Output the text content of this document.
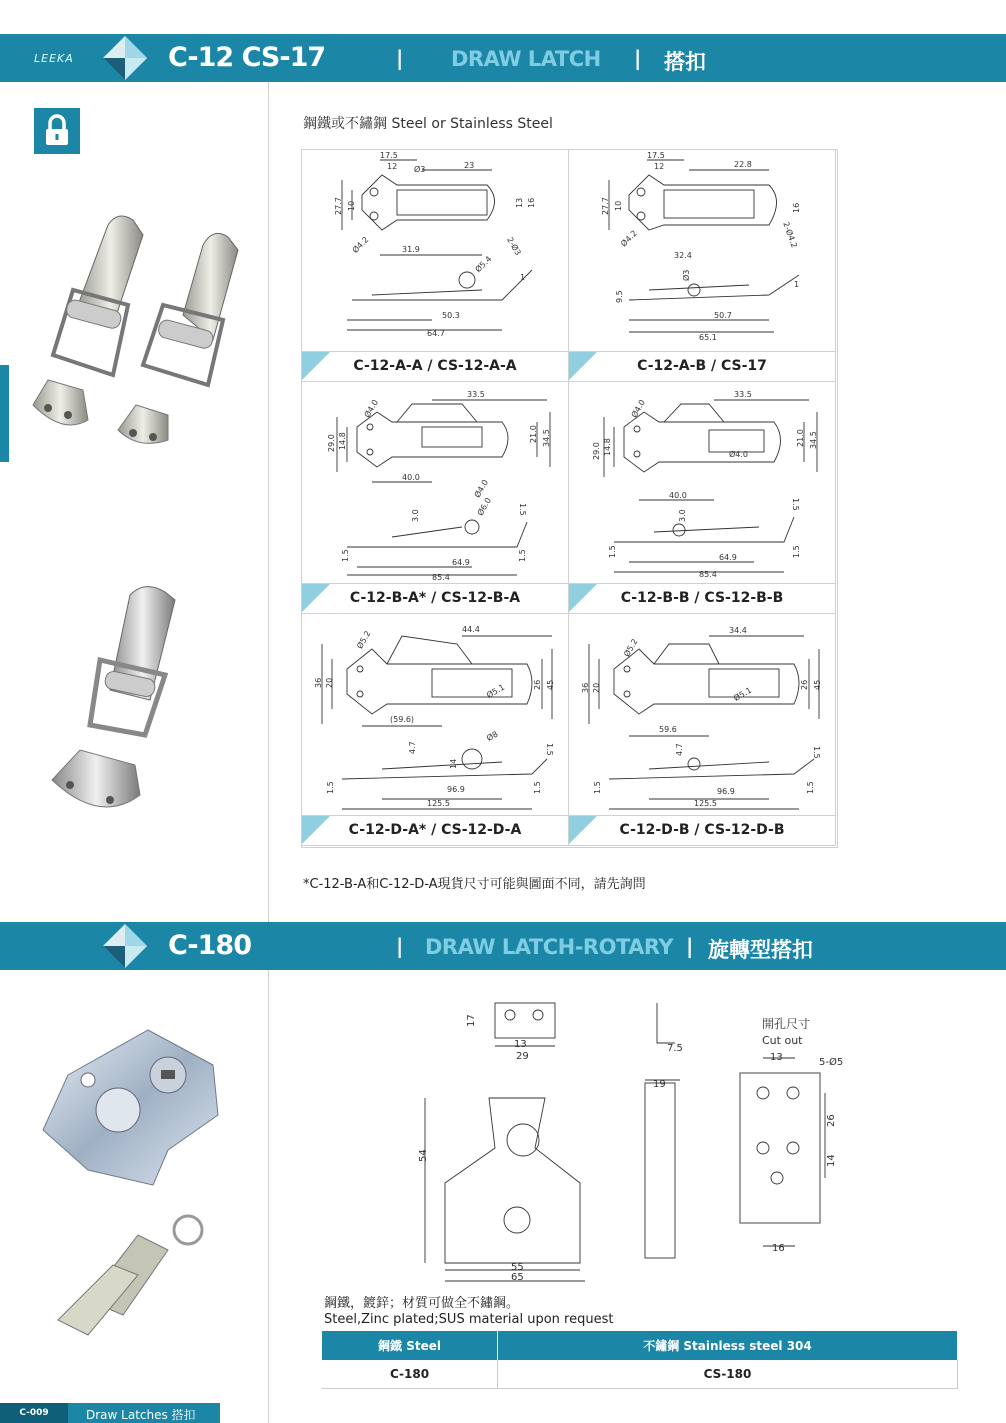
LEEKA	C-12 CS-17	| DRAW LATCH | 搭扣
鋼鐵或不鏽鋼 Steel or Stainless Steel
17.5
12 Ø3	23
27.7 10	13 16
Ø4.2	31.9	2-Ø3
Ø5.4
1
50.3
64.7
C-12-A-A / CS-12-A-A
17.5
12	22.8
27.7 10	16
Ø4.2
32.4
2-Ø4.2
Ø3
9.5
1
50.7
65.1
C-12-A-B / CS-17
Ø4.0
33.5
29.0 14.8	21.0 34.5
40.0
Ø4.0
Ø6.0
3.0	1.5
64.9
85.4
1.5	1.5
C-12-B-A* / CS-12-B-A
Ø4.0
33.5
29.0 14.8	Ø4.0
21.0 34.5
40.0
3.0
1.5
64.9
85.4
1.5	1.5
C-12-B-B / CS-12-B-B
Ø5.2	44.4
36 20	Ø5.1	26 45
(59.6)
Ø8
4.7
14
1.5
96.9
125.5
1.5	1.5
C-12-D-A* / CS-12-D-A
Ø5.2
34.4
36 20	Ø5.1
26 45
59.6
4.7	1.5
96.9
125.5
1.5	1.5
C-12-D-B / CS-12-D-B
*C-12-B-A和C-12-D-A現貨尺寸可能與圖面不同，請先詢問
C-180	| DRAW LATCH-ROTARY | 旋轉型搭扣
17
13
29
7.5
19
54
55
65
13	5-Ø5
26
14
16
開孔尺寸
Cut out
鋼鐵，鍍鋅；材質可做全不鏽鋼。
Steel,Zinc plated;SUS material upon request
鋼鐵 Steel	不鏽鋼 Stainless steel 304
C-180	CS-180
C-009	Draw Latches 搭扣
